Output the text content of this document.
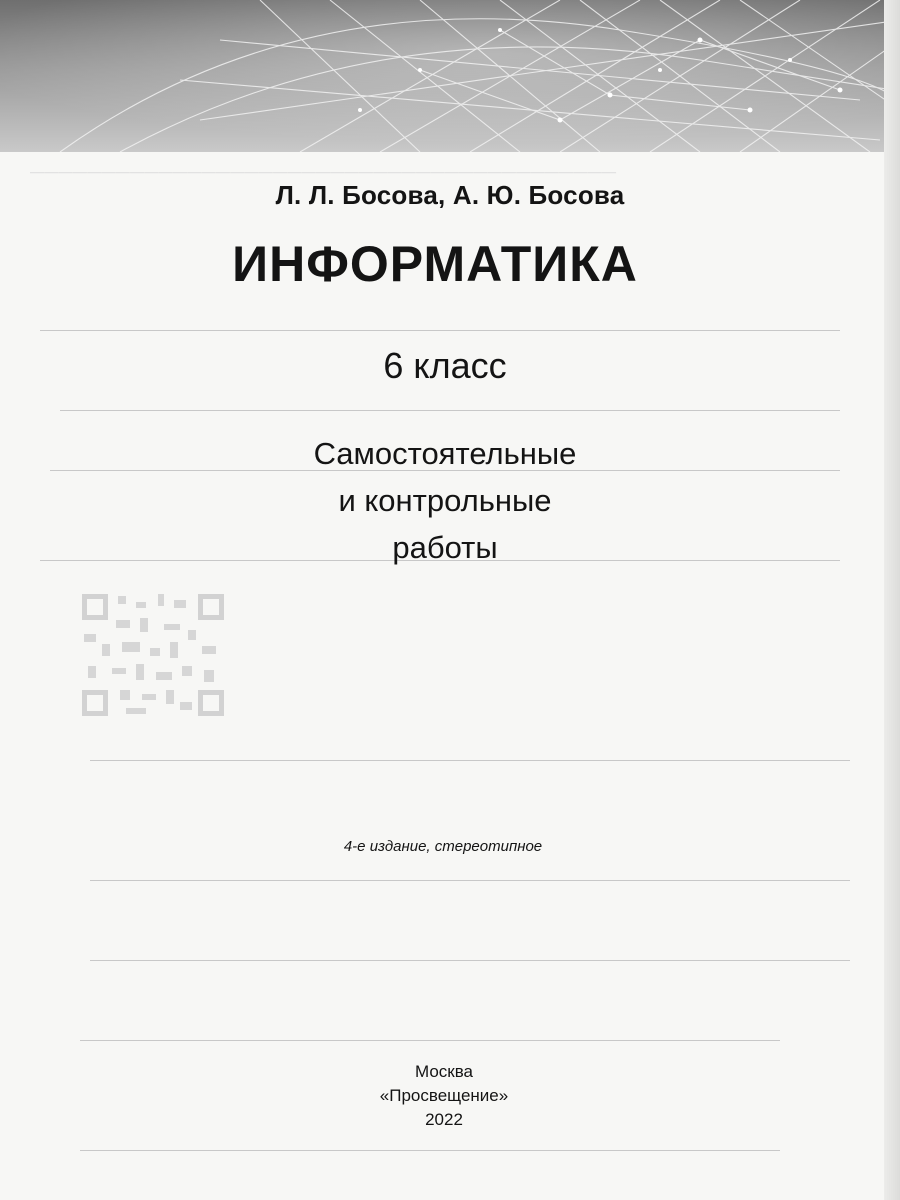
―――――――――――――――――――――――――――――――――――――――――
Л. Л. Босова, А. Ю. Босова
ИНФОРМАТИКА
6 класс
Самостоятельные
и контрольные
работы
4-е издание, стереотипное
Москва
«Просвещение»
2022
